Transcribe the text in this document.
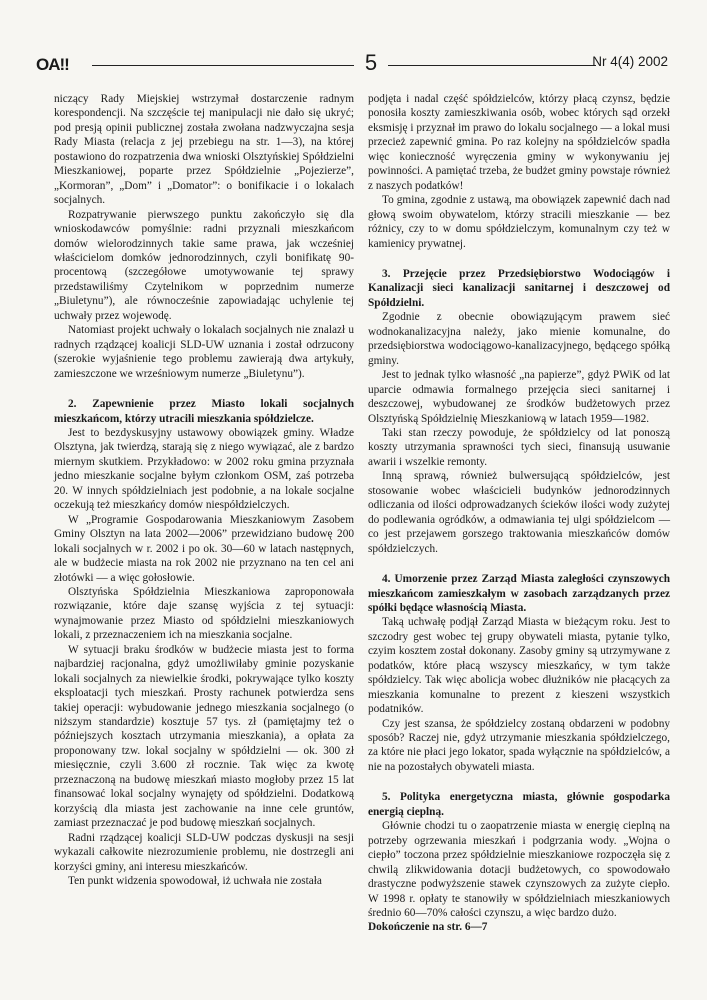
OA!!	5	Nr 4(4) 2002

niczący Rady Miejskiej wstrzymał dostarczenie radnym korespondencji. Na szczęście tej manipulacji nie dało się ukryć; pod presją opinii publicznej została zwołana nadzwyczajna sesja Rady Miasta (relacja z jej przebiegu na str. 1—3), na której postawiono do rozpatrzenia dwa wnioski Olsztyńskiej Spółdzielni Mieszkaniowej, poparte przez Spółdzielnie „Pojezierze”, „Kormoran”, „Dom” i „Domator”: o bonifikacie i o lokalach socjalnych.

Rozpatrywanie pierwszego punktu zakończyło się dla wnioskodawców pomyślnie: radni przyznali mieszkańcom domów wielorodzinnych takie same prawa, jak wcześniej właścicielom domków jednorodzinnych, czyli bonifikatę 90-procentową (szczegółowe umotywowanie tej sprawy przedstawiliśmy Czytelnikom w poprzednim numerze „Biuletynu”), ale równocześnie zapowiadając uchylenie tej uchwały przez wojewodę.

Natomiast projekt uchwały o lokalach socjalnych nie znalazł u radnych rządzącej koalicji SLD-UW uznania i został odrzucony (szerokie wyjaśnienie tego problemu zawierają dwa artykuły, zamieszczone we wrześniowym numerze „Biuletynu”).

2. Zapewnienie przez Miasto lokali socjalnych mieszkańcom, którzy utracili mieszkania spółdzielcze.

Jest to bezdyskusyjny ustawowy obowiązek gminy. Władze Olsztyna, jak twierdzą, starają się z niego wywiązać, ale z bardzo miernym skutkiem. Przykładowo: w 2002 roku gmina przyznała jedno mieszkanie socjalne byłym członkom OSM, zaś potrzeba 20. W innych spółdzielniach jest podobnie, a na lokale socjalne oczekują też mieszkańcy domów niespółdzielczych.

W „Programie Gospodarowania Mieszkaniowym Zasobem Gminy Olsztyn na lata 2002—2006” przewidziano budowę 200 lokali socjalnych w r. 2002 i po ok. 30—60 w latach następnych, ale w budżecie miasta na rok 2002 nie przyznano na ten cel ani złotówki — a więc gołosłowie.

Olsztyńska Spółdzielnia Mieszkaniowa zaproponowała rozwiązanie, które daje szansę wyjścia z tej sytuacji: wynajmowanie przez Miasto od spółdzielni mieszkaniowych lokali, z przeznaczeniem ich na mieszkania socjalne.

W sytuacji braku środków w budżecie miasta jest to forma najbardziej racjonalna, gdyż umożliwiłaby gminie pozyskanie lokali socjalnych za niewielkie środki, pokrywające tylko koszty eksploatacji tych mieszkań. Prosty rachunek potwierdza sens takiej operacji: wybudowanie jednego mieszkania socjalnego (o niższym standardzie) kosztuje 57 tys. zł (pamiętajmy też o późniejszych kosztach utrzymania mieszkania), a opłata za proponowany tzw. lokal socjalny w spółdzielni — ok. 300 zł miesięcznie, czyli 3.600 zł rocznie. Tak więc za kwotę przeznaczoną na budowę mieszkań miasto mogłoby przez 15 lat finansować lokal socjalny wynajęty od spółdzielni. Dodatkową korzyścią dla miasta jest zachowanie na inne cele gruntów, zamiast przeznaczać je pod budowę mieszkań socjalnych.

Radni rządzącej koalicji SLD-UW podczas dyskusji na sesji wykazali całkowite niezrozumienie problemu, nie dostrzegli ani korzyści gminy, ani interesu mieszkańców.

Ten punkt widzenia spowodował, iż uchwała nie została

podjęta i nadal część spółdzielców, którzy płacą czynsz, będzie ponosiła koszty zamieszkiwania osób, wobec których sąd orzekł eksmisję i przyznał im prawo do lokalu socjalnego — a lokal musi przecież zapewnić gmina. Po raz kolejny na spółdzielców spadła więc konieczność wyręczenia gminy w wykonywaniu jej powinności. A pamiętać trzeba, że budżet gminy powstaje również z naszych podatków!

To gmina, zgodnie z ustawą, ma obowiązek zapewnić dach nad głową swoim obywatelom, którzy stracili mieszkanie — bez różnicy, czy to w domu spółdzielczym, komunalnym czy też w kamienicy prywatnej.

3. Przejęcie przez Przedsiębiorstwo Wodociągów i Kanalizacji sieci kanalizacji sanitarnej i deszczowej od Spółdzielni.

Zgodnie z obecnie obowiązującym prawem sieć wodnokanalizacyjna należy, jako mienie komunalne, do przedsiębiorstwa wodociągowo-kanalizacyjnego, będącego spółką gminy.

Jest to jednak tylko własność „na papierze”, gdyż PWiK od lat uparcie odmawia formalnego przejęcia sieci sanitarnej i deszczowej, wybudowanej ze środków budżetowych przez Olsztyńską Spółdzielnię Mieszkaniową w latach 1959—1982.

Taki stan rzeczy powoduje, że spółdzielcy od lat ponoszą koszty utrzymania sprawności tych sieci, finansują usuwanie awarii i wszelkie remonty.

Inną sprawą, również bulwersującą spółdzielców, jest stosowanie wobec właścicieli budynków jednorodzinnych odliczania od ilości odprowadzanych ścieków ilości wody zużytej do podlewania ogródków, a odmawiania tej ulgi spółdzielcom — co jest przejawem gorszego traktowania mieszkańców domów spółdzielczych.

4. Umorzenie przez Zarząd Miasta zaległości czynszowych mieszkańcom zamieszkałym w zasobach zarządzanych przez spółki będące własnością Miasta.

Taką uchwałę podjął Zarząd Miasta w bieżącym roku. Jest to szczodry gest wobec tej grupy obywateli miasta, pytanie tylko, czyim kosztem został dokonany. Zasoby gminy są utrzymywane z podatków, które płacą wszyscy mieszkańcy, w tym także spółdzielcy. Tak więc abolicja wobec dłużników nie płacących za mieszkania komunalne to prezent z kieszeni wszystkich podatników.

Czy jest szansa, że spółdzielcy zostaną obdarzeni w podobny sposób? Raczej nie, gdyż utrzymanie mieszkania spółdzielczego, za które nie płaci jego lokator, spada wyłącznie na spółdzielców, a nie na pozostałych obywateli miasta.

5. Polityka energetyczna miasta, głównie gospodarka energią cieplną.

Głównie chodzi tu o zaopatrzenie miasta w energię cieplną na potrzeby ogrzewania mieszkań i podgrzania wody. „Wojna o ciepło” toczona przez spółdzielnie mieszkaniowe rozpoczęła się z chwilą zlikwidowania dotacji budżetowych, co spowodowało drastyczne podwyższenie stawek czynszowych za zużyte ciepło. W 1998 r. opłaty te stanowiły w spółdzielniach mieszkaniowych średnio 60—70% całości czynszu, a więc bardzo dużo.

Dokończenie na str. 6—7
